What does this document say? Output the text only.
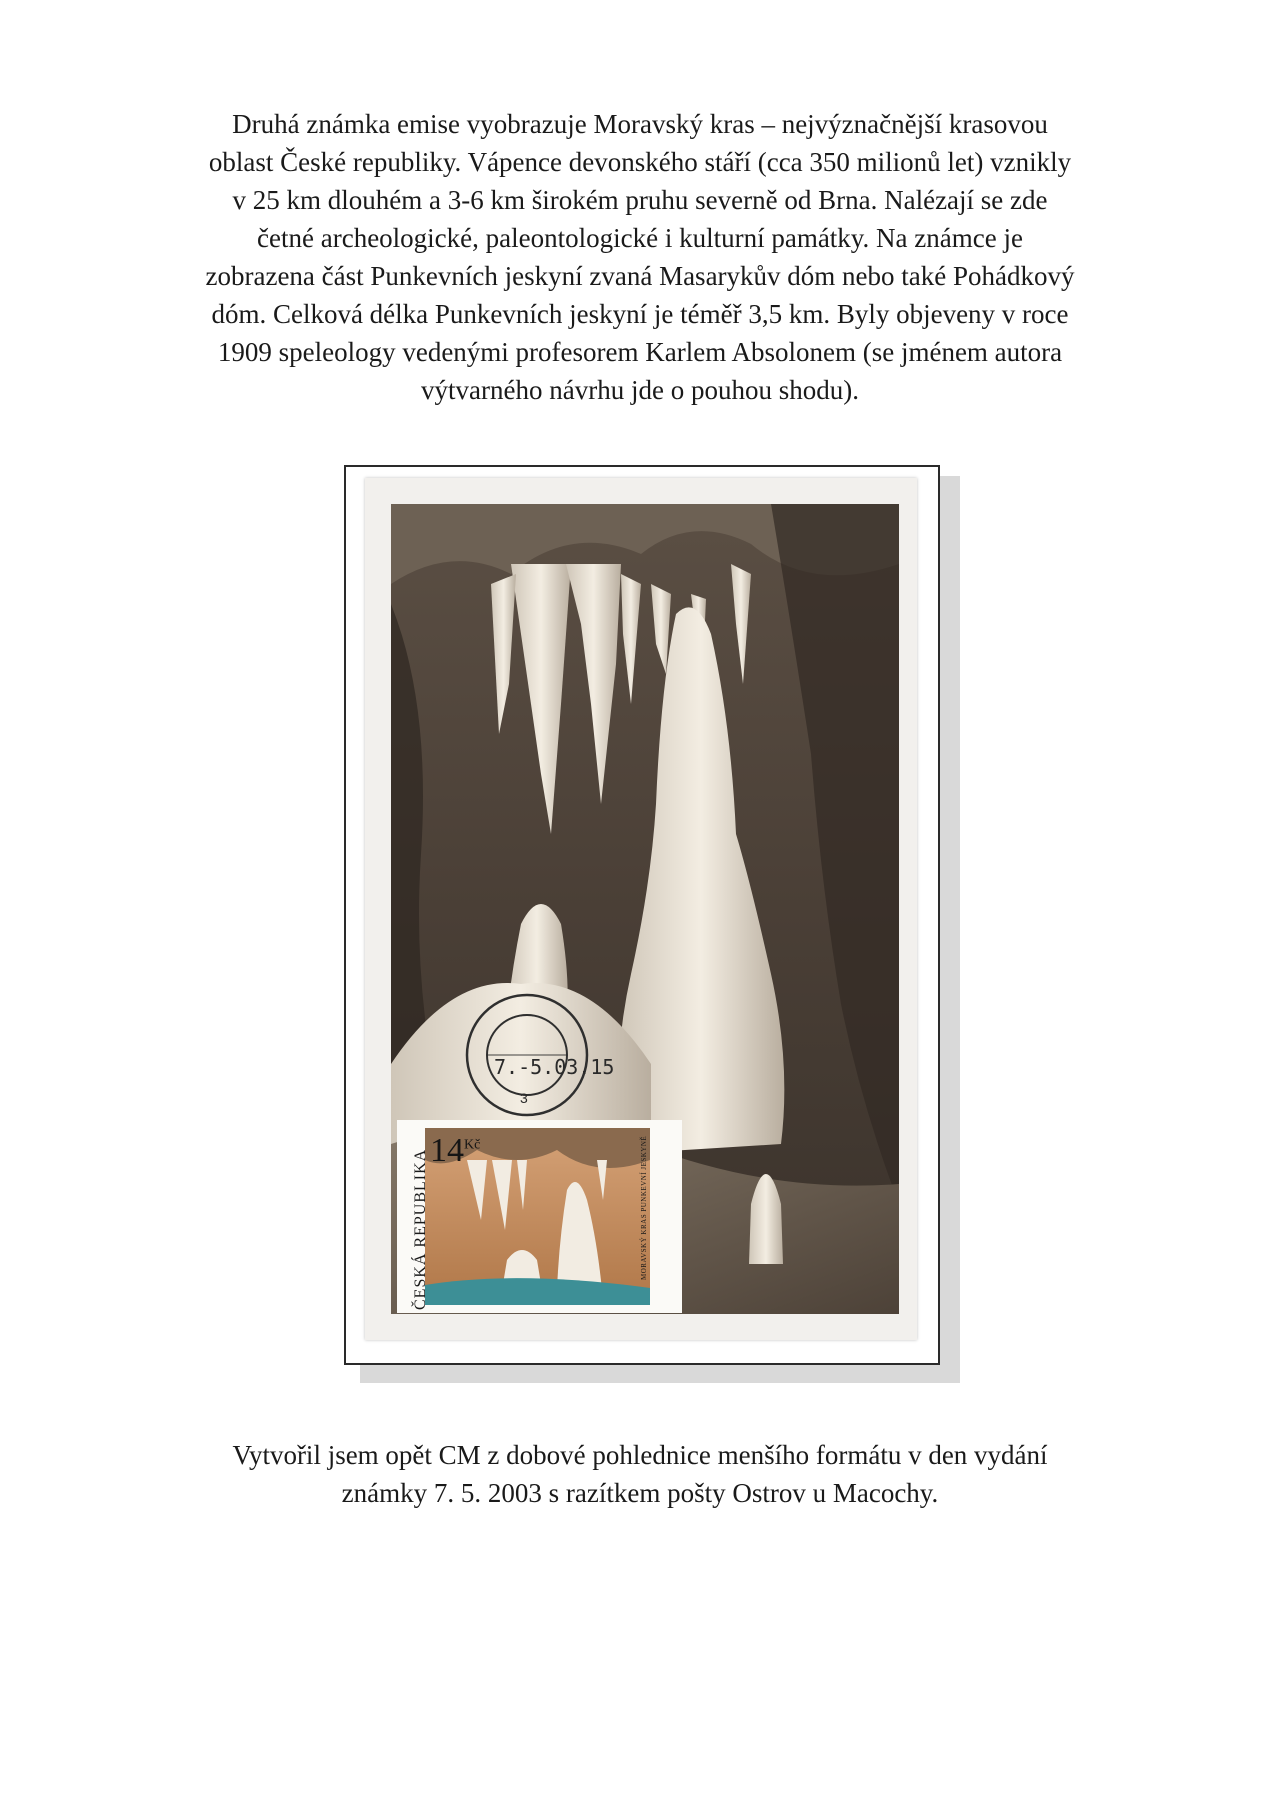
Druhá známka emise vyobrazuje Moravský kras – nejvýznačnější krasovou
oblast České republiky. Vápence devonského stáří (cca 350 milionů let) vznikly
v 25 km dlouhém a 3-6 km širokém pruhu severně od Brna. Nalézají se zde
četné archeologické, paleontologické i kulturní památky. Na známce je
zobrazena část Punkevních jeskyní zvaná Masarykův dóm nebo také Pohádkový
dóm. Celková délka Punkevních jeskyní je téměř 3,5 km. Byly objeveny v roce
1909 speleology vedenými profesorem Karlem Absolonem (se jménem autora
výtvarného návrhu jde o pouhou shodu).
ČESKÁ REPUBLIKA $14^{Kč}$	MORAVSKÝ KRAS PUNKEVNÍ JESKYNĚ
7.-5.03.15
3
Vytvořil jsem opět CM z dobové pohlednice menšího formátu v den vydání
známky 7. 5. 2003 s razítkem pošty Ostrov u Macochy.
